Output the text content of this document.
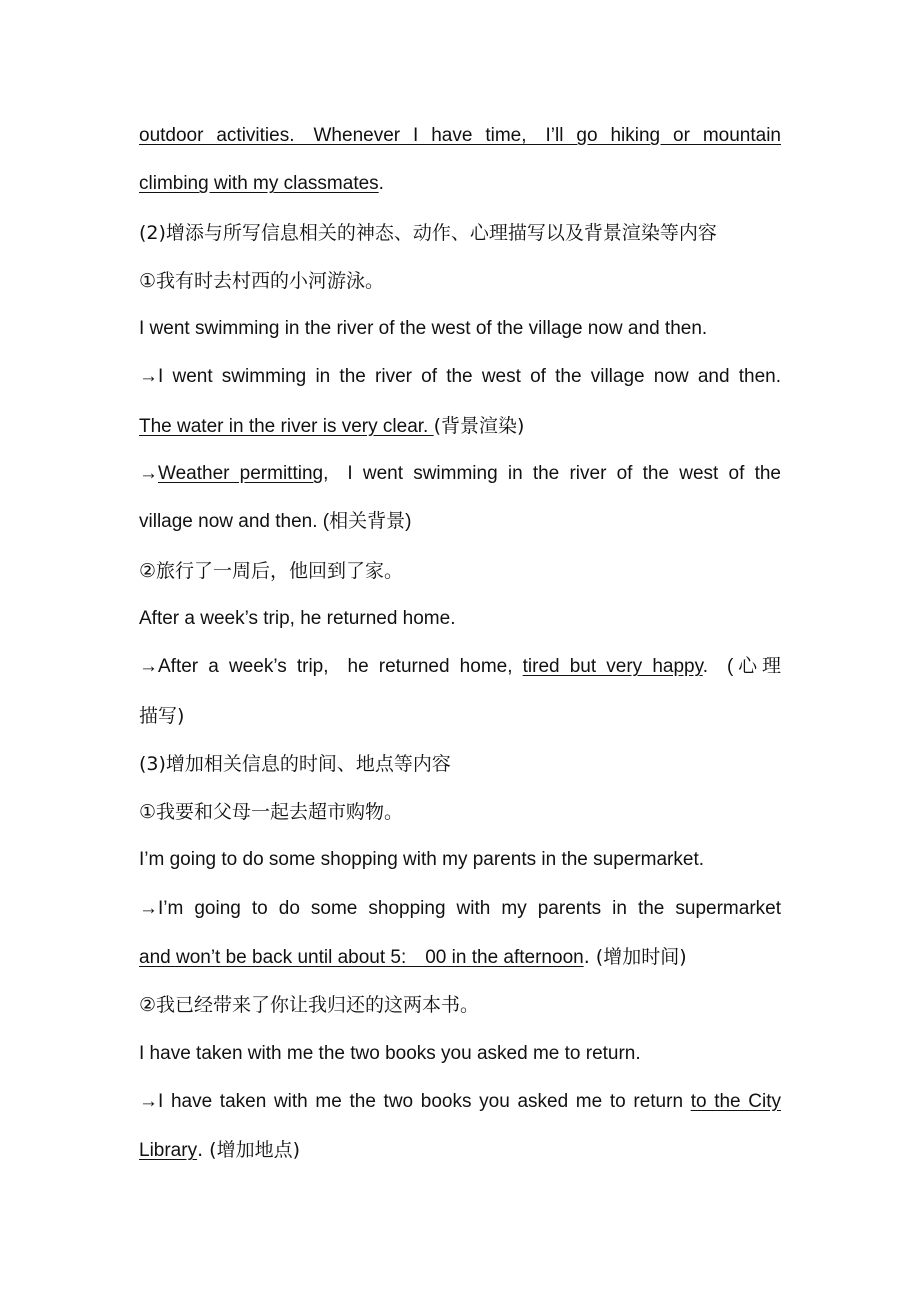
outdoor activities. Whenever I have time, I’ll go hiking or mountain
climbing with my classmates.
(2)增添与所写信息相关的神态、动作、心理描写以及背景渲染等内容
①我有时去村西的小河游泳。
I went swimming in the river of the west of the village now and then.
→I went swimming in the river of the west of the village now and then.
The water in the river is very clear. (背景渲染)
→Weather permitting, I went swimming in the river of the west of the
village now and then. (相关背景)
②旅行了一周后，他回到了家。
After a week’s trip, he returned home.
→After a week’s trip, he returned home, tired but very happy. (心理
描写)
(3)增加相关信息的时间、地点等内容
①我要和父母一起去超市购物。
I’m going to do some shopping with my parents in the supermarket.
→I’m going to do some shopping with my parents in the supermarket
and won’t be back until about 5: 00 in the afternoon. (增加时间)
②我已经带来了你让我归还的这两本书。
I have taken with me the two books you asked me to return.
→I have taken with me the two books you asked me to return to the City
Library. (增加地点)
